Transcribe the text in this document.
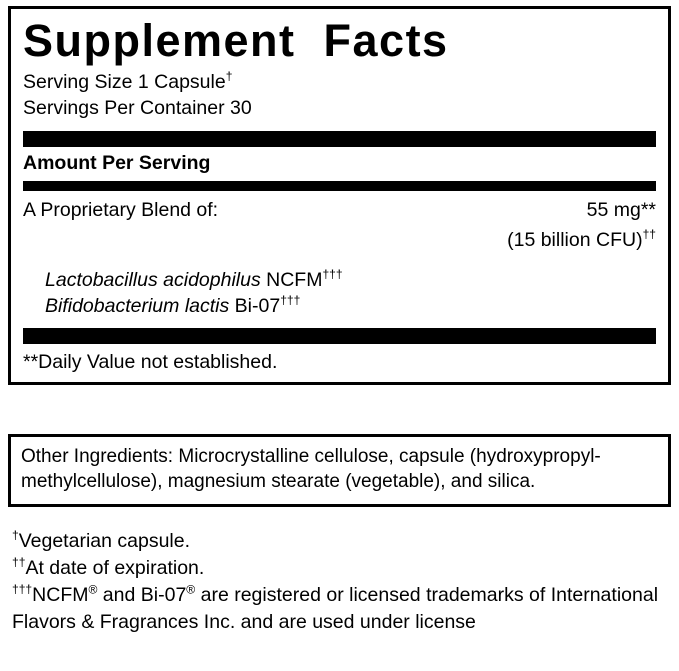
Supplement  Facts
Serving Size 1 Capsule†
Servings Per Container 30
Amount Per Serving
A Proprietary Blend of:	55 mg**
(15 billion CFU)††
Lactobacillus acidophilus NCFM†††
Bifidobacterium lactis Bi-07†††
**Daily Value not established.
Other Ingredients: Microcrystalline cellulose, capsule (hydroxypropyl-methylcellulose), magnesium stearate (vegetable), and silica.
†Vegetarian capsule.
††At date of expiration.
†††NCFM® and Bi-07® are registered or licensed trademarks of International Flavors & Fragrances Inc. and are used under license
